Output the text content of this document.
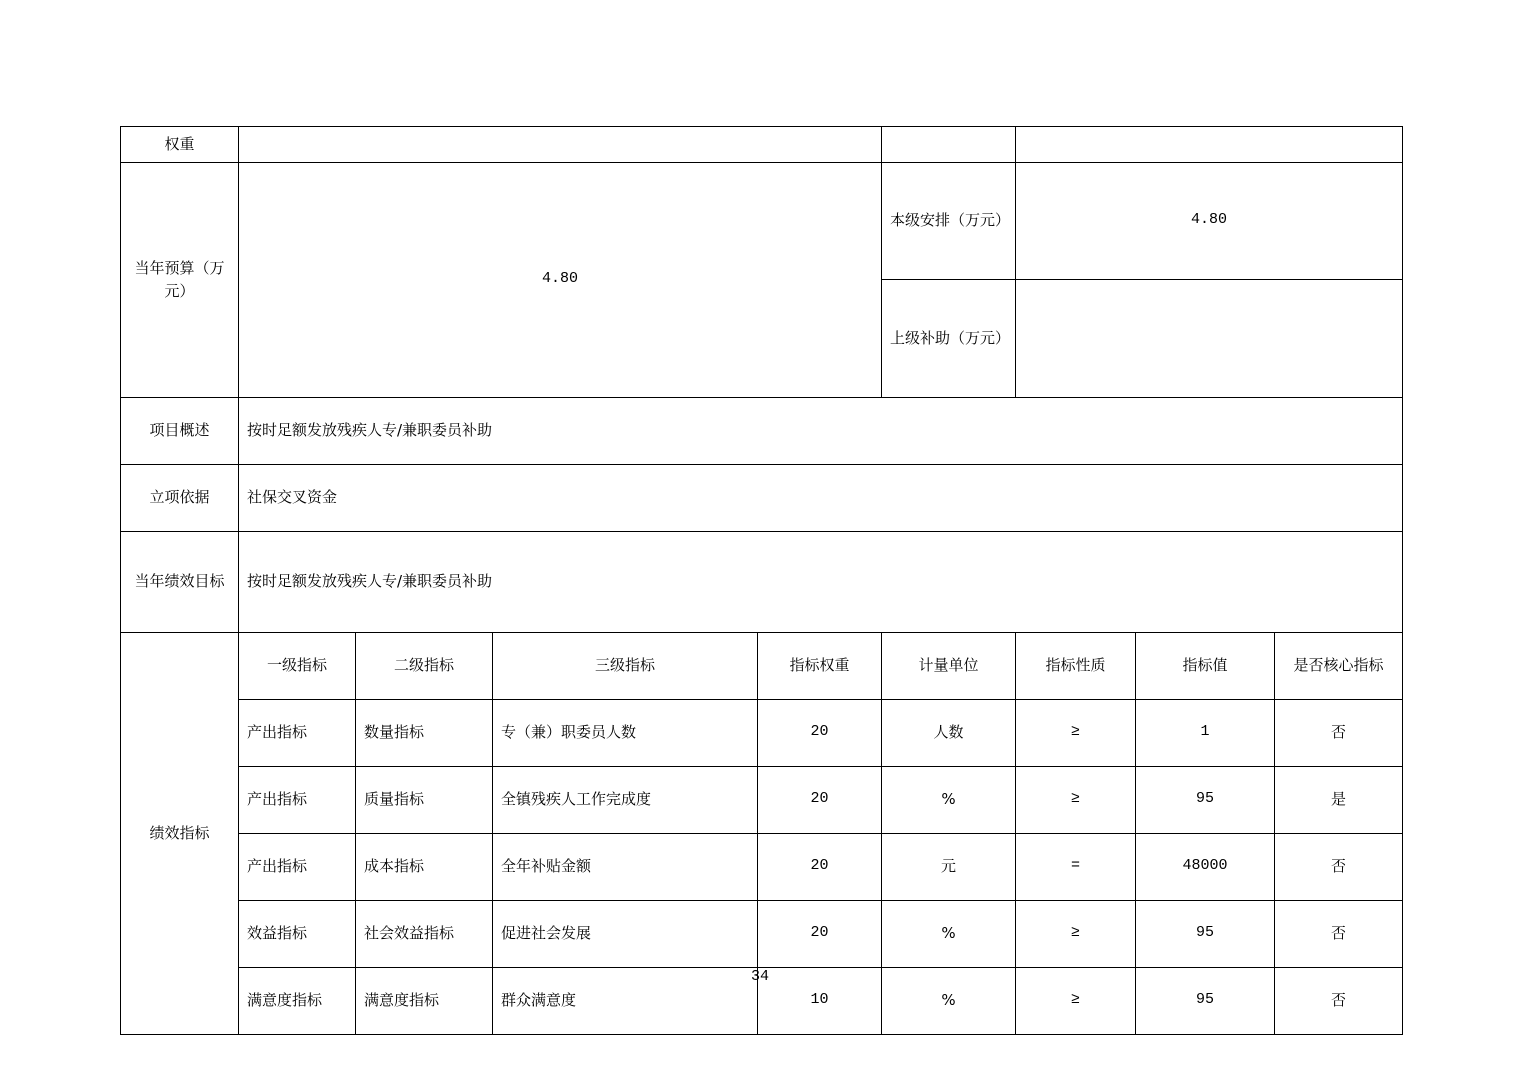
权重								
当年预算（万元）	4.80				本级安排（万元）	4.80		
					上级补助（万元）			
项目概述	按时足额发放残疾人专/兼职委员补助							
立项依据	社保交叉资金							
当年绩效目标	按时足额发放残疾人专/兼职委员补助							
绩效指标	一级指标	二级指标	三级指标	指标权重	计量单位	指标性质	指标值	是否核心指标
	产出指标	数量指标	专（兼）职委员人数	20	人数	≥	1	否
	产出指标	质量指标	全镇残疾人工作完成度	20	%	≥	95	是
	产出指标	成本指标	全年补贴金额	20	元	=	48000	否
	效益指标	社会效益指标	促进社会发展	20	%	≥	95	否
	满意度指标	满意度指标	群众满意度	10	%	≥	95	否
34
